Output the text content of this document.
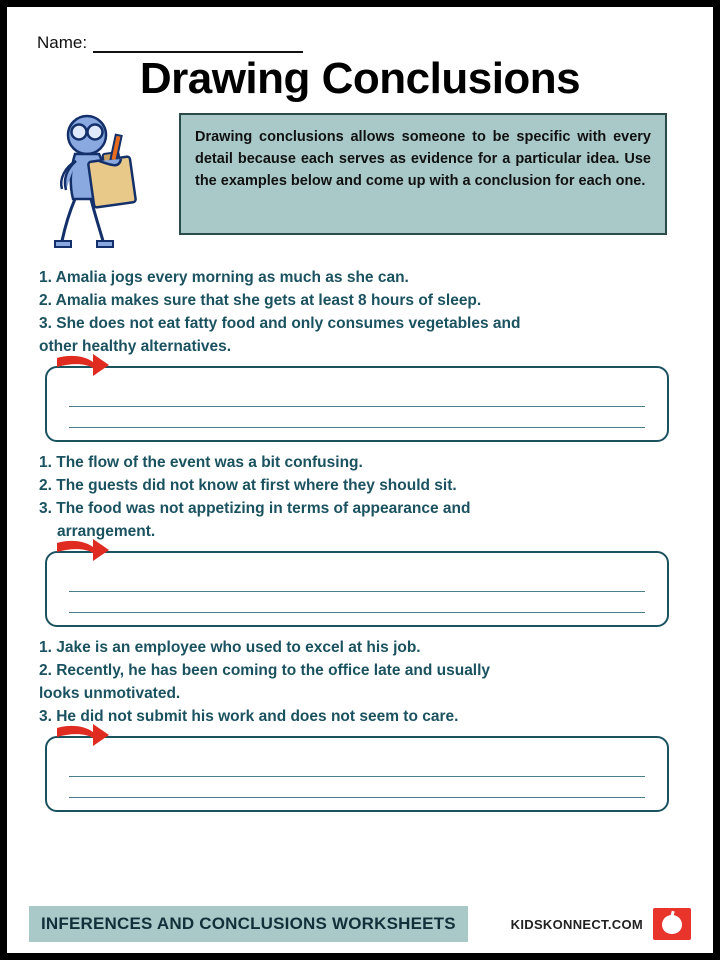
Name:
Drawing Conclusions

Drawing conclusions allows someone to be specific with every detail because each serves as evidence for a particular idea. Use the examples below and come up with a conclusion for each one.

1. Amalia jogs every morning as much as she can.
2. Amalia makes sure that she gets at least 8 hours of sleep.
3. She does not eat fatty food and only consumes vegetables and
other healthy alternatives.
1. The flow of the event was a bit confusing.
2. The guests did not know at first where they should sit.
3. The food was not appetizing in terms of appearance and
arrangement.
1. Jake is an employee who used to excel at his job.
2. Recently, he has been coming to the office late and usually
looks unmotivated.
3. He did not submit his work and does not seem to care.
INFERENCES AND CONCLUSIONS WORKSHEETS	KIDSKONNECT.COM
